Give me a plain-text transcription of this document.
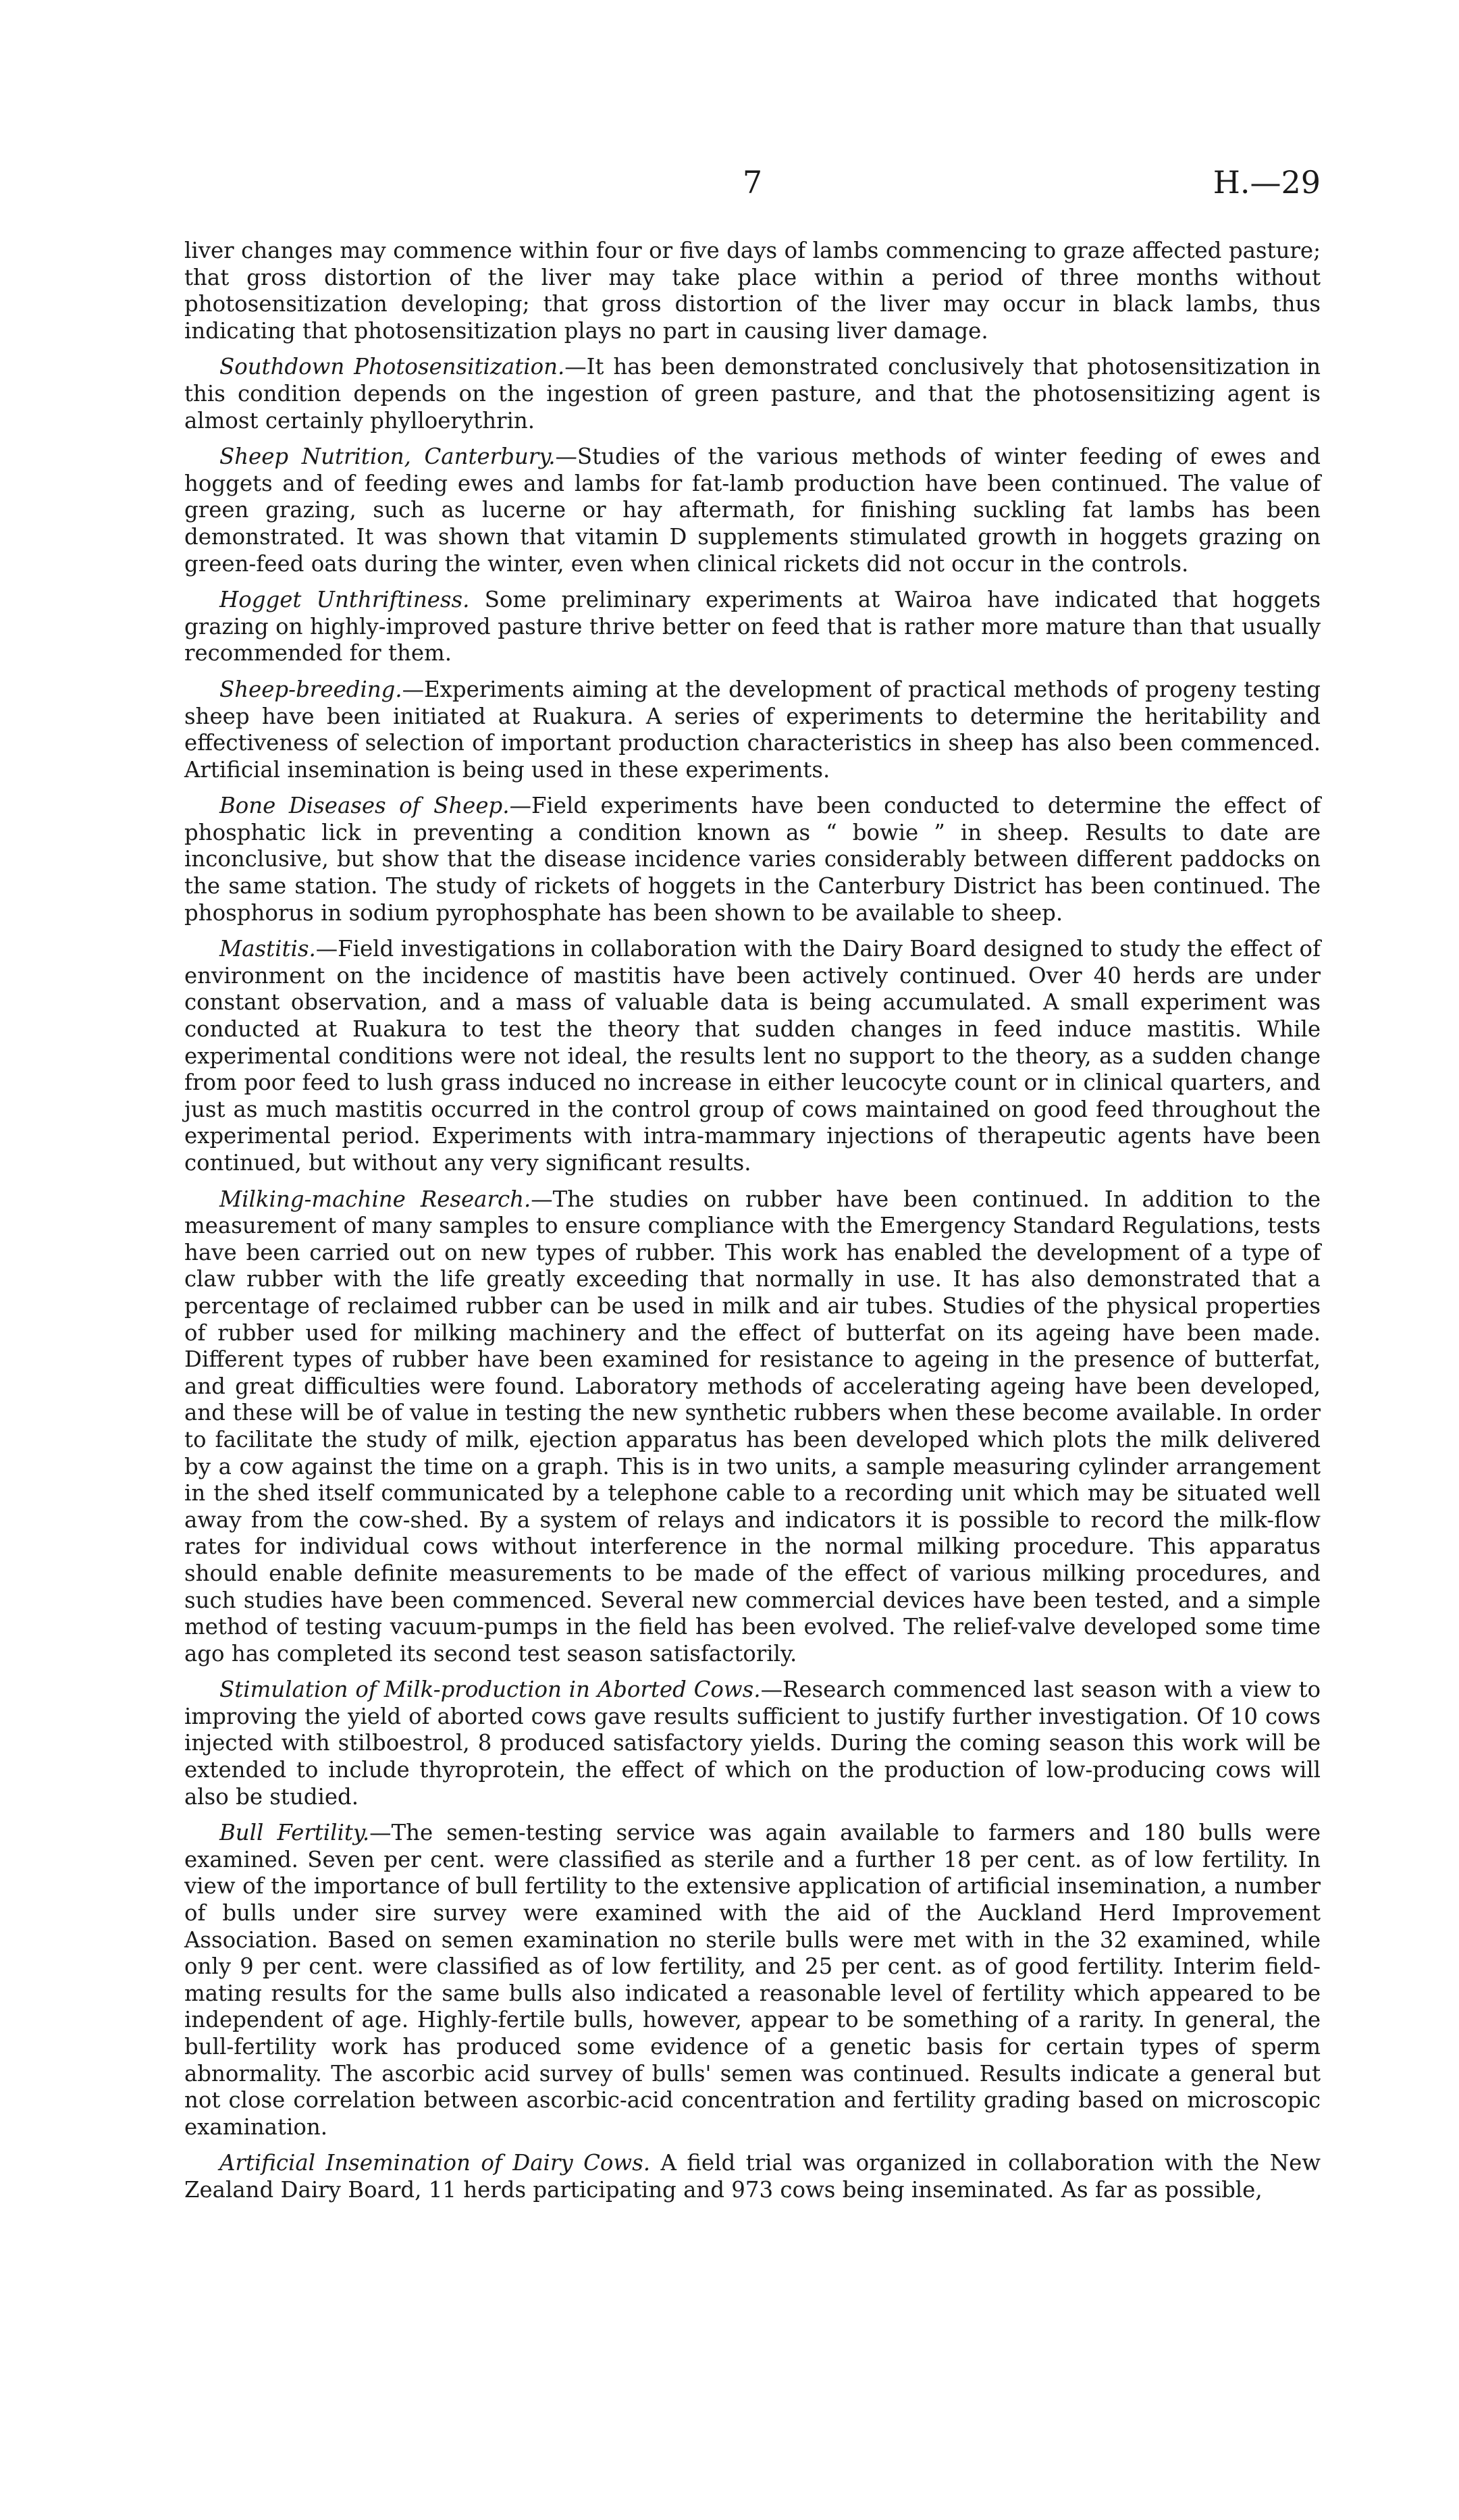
7	H.—29

liver changes may commence within four or five days of lambs commencing to graze affected pasture; that gross distortion of the liver may take place within a period of three months without photosensitization developing; that gross distortion of the liver may occur in black lambs, thus indicating that photosensitization plays no part in causing liver damage.

Southdown Photosensitization.—It has been demonstrated conclusively that photosensitization in this condition depends on the ingestion of green pasture, and that the photosensitizing agent is almost certainly phylloerythrin.

Sheep Nutrition, Canterbury.—Studies of the various methods of winter feeding of ewes and hoggets and of feeding ewes and lambs for fat-lamb production have been continued. The value of green grazing, such as lucerne or hay aftermath, for finishing suckling fat lambs has been demonstrated. It was shown that vitamin D supplements stimulated growth in hoggets grazing on green-feed oats during the winter, even when clinical rickets did not occur in the controls.

Hogget Unthriftiness. Some preliminary experiments at Wairoa have indicated that hoggets grazing on highly-improved pasture thrive better on feed that is rather more mature than that usually recommended for them.

Sheep-breeding.—Experiments aiming at the development of practical methods of progeny testing sheep have been initiated at Ruakura. A series of experiments to determine the heritability and effectiveness of selection of important production characteristics in sheep has also been commenced. Artificial insemination is being used in these experiments.

Bone Diseases of Sheep.—Field experiments have been conducted to determine the effect of phosphatic lick in preventing a condition known as “ bowie ” in sheep. Results to date are inconclusive, but show that the disease incidence varies considerably between different paddocks on the same station. The study of rickets of hoggets in the Canterbury District has been continued. The phosphorus in sodium pyrophosphate has been shown to be available to sheep.

Mastitis.—Field investigations in collaboration with the Dairy Board designed to study the effect of environment on the incidence of mastitis have been actively continued. Over 40 herds are under constant observation, and a mass of valuable data is being accumulated. A small experiment was conducted at Ruakura to test the theory that sudden changes in feed induce mastitis. While experimental conditions were not ideal, the results lent no support to the theory, as a sudden change from poor feed to lush grass induced no increase in either leucocyte count or in clinical quarters, and just as much mastitis occurred in the control group of cows maintained on good feed throughout the experimental period. Experiments with intra-mammary injections of therapeutic agents have been continued, but without any very significant results.

Milking-machine Research.—The studies on rubber have been continued. In addition to the measurement of many samples to ensure compliance with the Emergency Standard Regulations, tests have been carried out on new types of rubber. This work has enabled the development of a type of claw rubber with the life greatly exceeding that normally in use. It has also demonstrated that a percentage of reclaimed rubber can be used in milk and air tubes. Studies of the physical properties of rubber used for milking machinery and the effect of butterfat on its ageing have been made. Different types of rubber have been examined for resistance to ageing in the presence of butterfat, and great difficulties were found. Laboratory methods of accelerating ageing have been developed, and these will be of value in testing the new synthetic rubbers when these become available. In order to facilitate the study of milk, ejection apparatus has been developed which plots the milk delivered by a cow against the time on a graph. This is in two units, a sample measuring cylinder arrangement in the shed itself communicated by a telephone cable to a recording unit which may be situated well away from the cow-shed. By a system of relays and indicators it is possible to record the milk-flow rates for individual cows without interference in the normal milking procedure. This apparatus should enable definite measurements to be made of the effect of various milking procedures, and such studies have been commenced. Several new commercial devices have been tested, and a simple method of testing vacuum-pumps in the field has been evolved. The relief-valve developed some time ago has completed its second test season satisfactorily.

Stimulation of Milk-production in Aborted Cows.—Research commenced last season with a view to improving the yield of aborted cows gave results sufficient to justify further investigation. Of 10 cows injected with stilboestrol, 8 produced satisfactory yields. During the coming season this work will be extended to include thyroprotein, the effect of which on the production of low-producing cows will also be studied.

Bull Fertility.—The semen-testing service was again available to farmers and 180 bulls were examined. Seven per cent. were classified as sterile and a further 18 per cent. as of low fertility. In view of the importance of bull fertility to the extensive application of artificial insemination, a number of bulls under sire survey were examined with the aid of the Auckland Herd Improvement Association. Based on semen examination no sterile bulls were met with in the 32 examined, while only 9 per cent. were classified as of low fertility, and 25 per cent. as of good fertility. Interim field-mating results for the same bulls also indicated a reasonable level of fertility which appeared to be independent of age. Highly-fertile bulls, however, appear to be something of a rarity. In general, the bull-fertility work has produced some evidence of a genetic basis for certain types of sperm abnormality. The ascorbic acid survey of bulls' semen was continued. Results indicate a general but not close correlation between ascorbic-acid concentration and fertility grading based on microscopic examination.

Artificial Insemination of Dairy Cows. A field trial was organized in collaboration with the New Zealand Dairy Board, 11 herds participating and 973 cows being inseminated. As far as possible,
